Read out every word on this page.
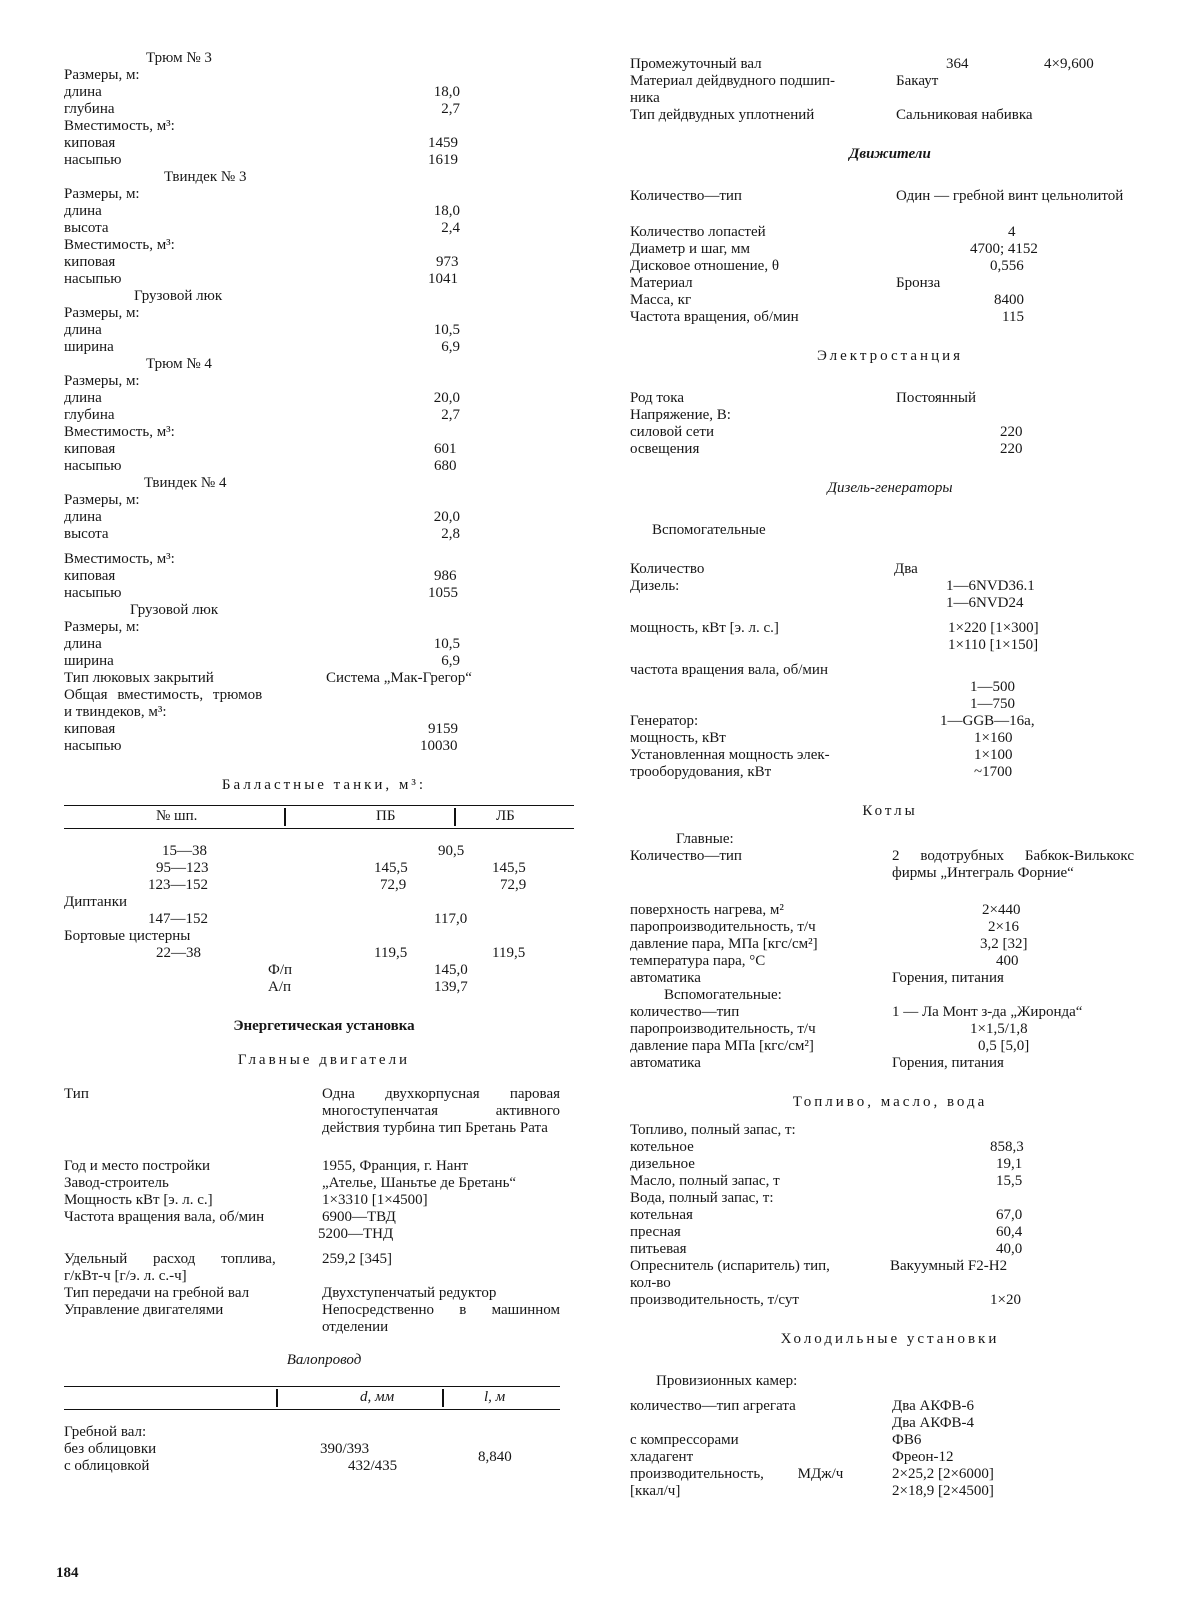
Трюм № 3
Размеры, м:
длина	18,0
глубина	2,7
Вместимость, м³:
киповая	1459
насыпью	1619
Твиндек № 3
Размеры, м:
длина	18,0
высота	2,4
Вместимость, м³:
киповая	973
насыпью	1041
Грузовой люк
Размеры, м:
длина	10,5
ширина	6,9
Трюм № 4
Размеры, м:
длина	20,0
глубина	2,7
Вместимость, м³:
киповая	601
насыпью	680
Твиндек № 4
Размеры, м:
длина	20,0
высота	2,8
Вместимость, м³:
киповая	986
насыпью	1055
Грузовой люк
Размеры, м:
длина	10,5
ширина	6,9
Тип люковых закрытий	Система „Мак-Грегор“
Общая вместимость, трюмов
и твиндеков, м³:
киповая	9159
насыпью	10030
Балластные танки, м³:
№ шп.	ПБ	ЛБ
15—38	90,5
95—123	145,5	145,5
123—152	72,9	72,9
Диптанки
147—152	117,0
Бортовые цистерны
22—38	119,5	119,5
Ф/п	145,0
А/п	139,7
Энергетическая установка
Главные двигатели
Тип	Одна двухкорпусная паровая многоступенчатая активного действия турбина тип Бретань Рата
Год и место постройки	1955, Франция, г. Нант
Завод-строитель	„Ателье, Шаньтье де Бретань“
Мощность кВт [э. л. с.]	1×3310 [1×4500]
Частота вращения вала, об/мин	6900—ТВД
5200—ТНД
Удельный расход топлива,	259,2 [345]
г/кВт-ч [г/э. л. с.-ч]
Тип передачи на гребной вал	Двухступенчатый редуктор
Управление двигателями	Непосредственно в машинном отделении
Валопровод
d, мм	l, м
Гребной вал:
без облицовки	390/393	8,840
с облицовкой	432/435
Промежуточный вал	364	4×9,600
Материал дейдвудного подшип-	Бакаут
ника
Тип дейдвудных уплотнений	Сальниковая набивка
Движители
Количество—тип	Один — гребной винт цельнолитой
Количество лопастей	4
Диаметр и шаг, мм	4700; 4152
Дисковое отношение, θ	0,556
Материал	Бронза
Масса, кг	8400
Частота вращения, об/мин	115
Электростанция
Род тока	Постоянный
Напряжение, В:
силовой сети	220
освещения	220
Дизель-генераторы
Вспомогательные
Количество	Два
Дизель:	1—6NVD36.1
1—6NVD24
мощность, кВт [э. л. с.]	1×220 [1×300]
1×110 [1×150]
частота вращения вала, об/мин
1—500
1—750
Генератор:	1—GGB—16a,
мощность, кВт	1×160
Установленная мощность элек-	1×100
трооборудования, кВт	~1700
Котлы
Главные:
Количество—тип	2 водотрубных Бабкок-Вилькокс фирмы „Интеграль Форние“
поверхность нагрева, м²	2×440
паропроизводительность, т/ч	2×16
давление пара, МПа [кгс/см²]	3,2 [32]
температура пара, °С	400
автоматика	Горения, питания
Вспомогательные:
количество—тип	1 — Ла Монт з-да „Жиронда“
паропроизводительность, т/ч	1×1,5/1,8
давление пара МПа [кгс/см²]	0,5 [5,0]
автоматика	Горения, питания
Топливо, масло, вода
Топливо, полный запас, т:
котельное	858,3
дизельное	19,1
Масло, полный запас, т	15,5
Вода, полный запас, т:
котельная	67,0
пресная	60,4
питьевая	40,0
Опреснитель (испаритель) тип,	Вакуумный F2-H2
кол-во
производительность, т/сут	1×20
Холодильные установки
Провизионных камер:
количество—тип агрегата	Два АКФВ-6
Два АКФВ-4
с компрессорами	ФВ6
хладагент	Фреон-12
производительность, МДж/ч	2×25,2 [2×6000]
[ккал/ч]	2×18,9 [2×4500]
184
